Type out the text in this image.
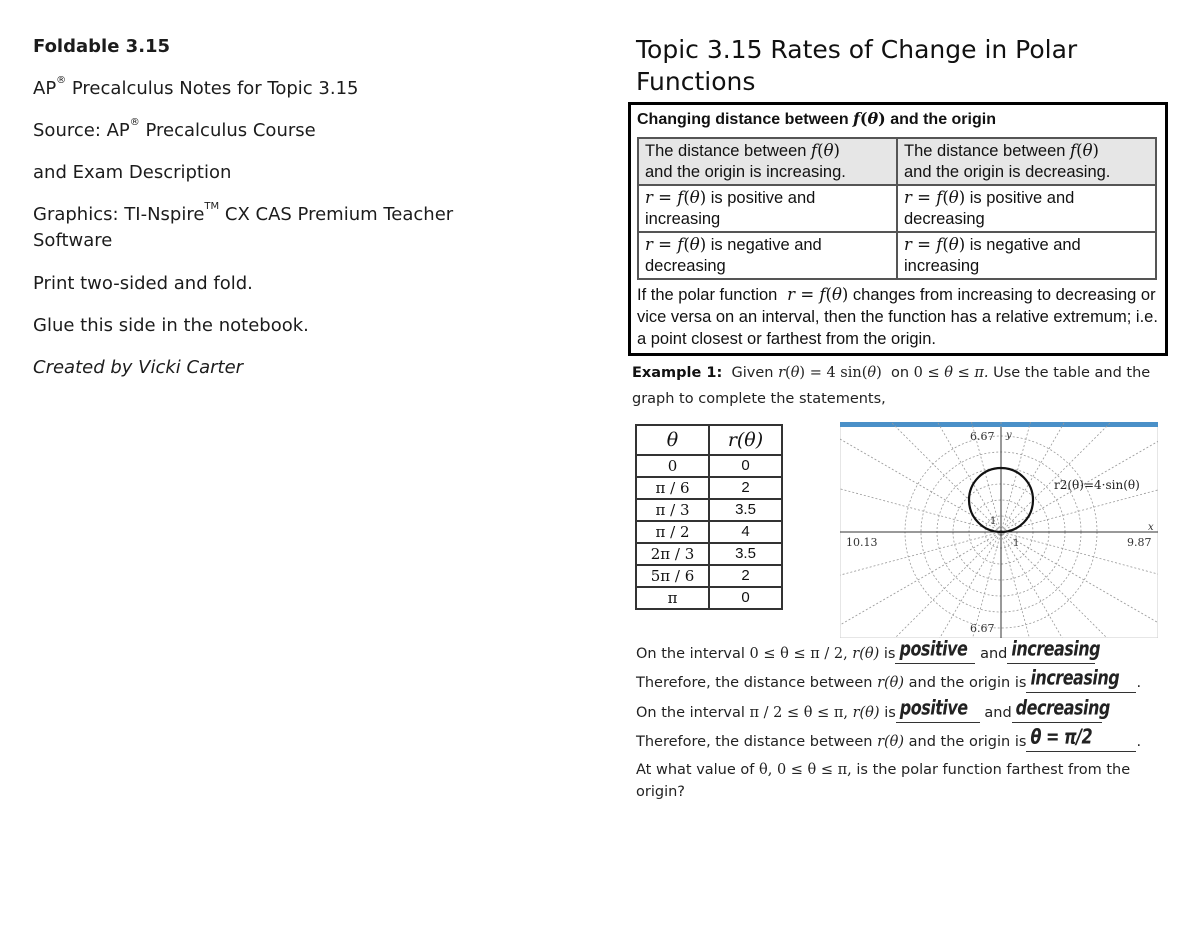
Foldable 3.15

AP® Precalculus Notes for Topic 3.15

Source: AP® Precalculus Course

and Exam Description

Graphics: TI-Nspire™ CX CAS Premium Teacher Software

Print two-sided and fold.

Glue this side in the notebook.

Created by Vicki Carter

Topic 3.15 Rates of Change in Polar Functions
Changing distance between f(θ) and the origin
The distance between f(θ)
and the origin is increasing.	The distance between f(θ)
and the origin is decreasing.
r = f(θ) is positive and
increasing	r = f(θ) is positive and
decreasing
r = f(θ) is negative and
decreasing	r = f(θ) is negative and
increasing
If the polar function  r = f(θ) changes from increasing to decreasing or vice versa on an interval, then the function has a relative extremum; i.e. a point closest or farthest from the origin.
Example 1: Given r(θ) = 4 sin(θ) on 0 ≤ θ ≤ π. Use the table and the graph to complete the statements,
θ	r(θ)
0	0
π / 6	2
π / 3	3.5
π / 2	4
2π / 3	3.5
5π / 6	2
π	0
6.67 y
6.67
10.13	9.87
x
1
1
r2(θ)=4·sin(θ)
On the interval 0 ≤ θ ≤ π / 2, r(θ) is positive and increasing
Therefore, the distance between r(θ) and the origin is increasing .
On the interval π / 2 ≤ θ ≤ π, r(θ) is positive and decreasing
Therefore, the distance between r(θ) and the origin is θ = π/2	.
At what value of θ, 0 ≤ θ ≤ π, is the polar function farthest from the origin?
